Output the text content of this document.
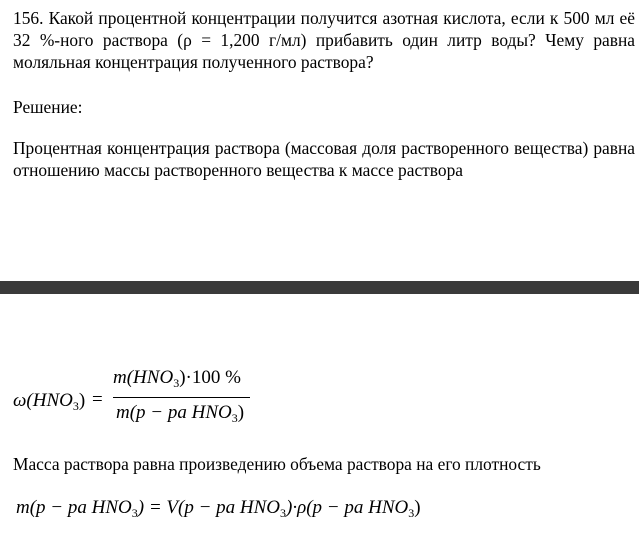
156. Какой процентной концентрации получится азотная кислота, если к 500 мл её 32 %-ного раствора (ρ = 1,200 г/мл) прибавить один литр воды? Чему равна моляльная концентрация полученного раствора?

Решение:

Процентная концентрация раствора (массовая доля растворенного вещества) равна отношению массы растворенного вещества к массе раствора

$\omega(HNO_3)$ =
$m(HNO_3)\cdot 100$ %
m(p − pa $HNO_3$)

Масса раствора равна произведению объема раствора на его плотность

m(p − pa $HNO_3) = V(p$ − pa $HNO_3)\cdot\rho(p$ − pa $HNO_3$)
